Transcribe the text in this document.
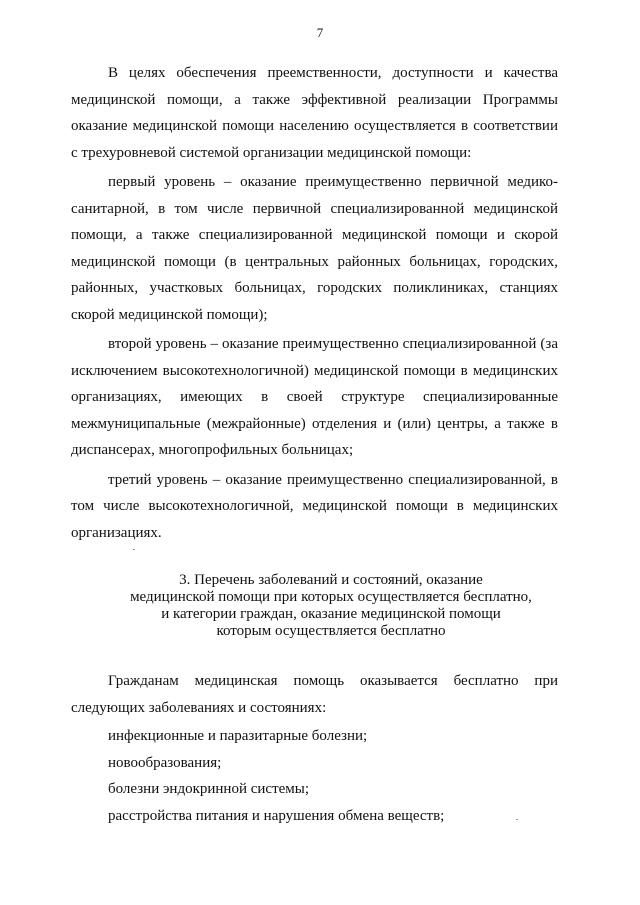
7

В целях обеспечения преемственности, доступности и качества медицинской помощи, а также эффективной реализации Программы оказание медицинской помощи населению осуществляется в соответствии с трехуровневой системой организации медицинской помощи:

первый уровень – оказание преимущественно первичной медико-санитарной, в том числе первичной специализированной медицинской помощи, а также специализированной медицинской помощи и скорой медицинской помощи (в центральных районных больницах, городских, районных, участковых больницах, городских поликлиниках, станциях скорой медицинской помощи);

второй уровень – оказание преимущественно специализированной (за исключением высокотехнологичной) медицинской помощи в медицинских организациях, имеющих в своей структуре специализированные межмуниципальные (межрайонные) отделения и (или) центры, а также в диспансерах, многопрофильных больницах;

третий уровень – оказание преимущественно специализированной, в том числе высокотехнологичной, медицинской помощи в медицинских организациях.

3. Перечень заболеваний и состояний, оказание
медицинской помощи при которых осуществляется бесплатно,
и категории граждан, оказание медицинской помощи
которым осуществляется бесплатно

Гражданам медицинская помощь оказывается бесплатно при следующих заболеваниях и состояниях:

инфекционные и паразитарные болезни;

новообразования;

болезни эндокринной системы;

расстройства питания и нарушения обмена веществ;
